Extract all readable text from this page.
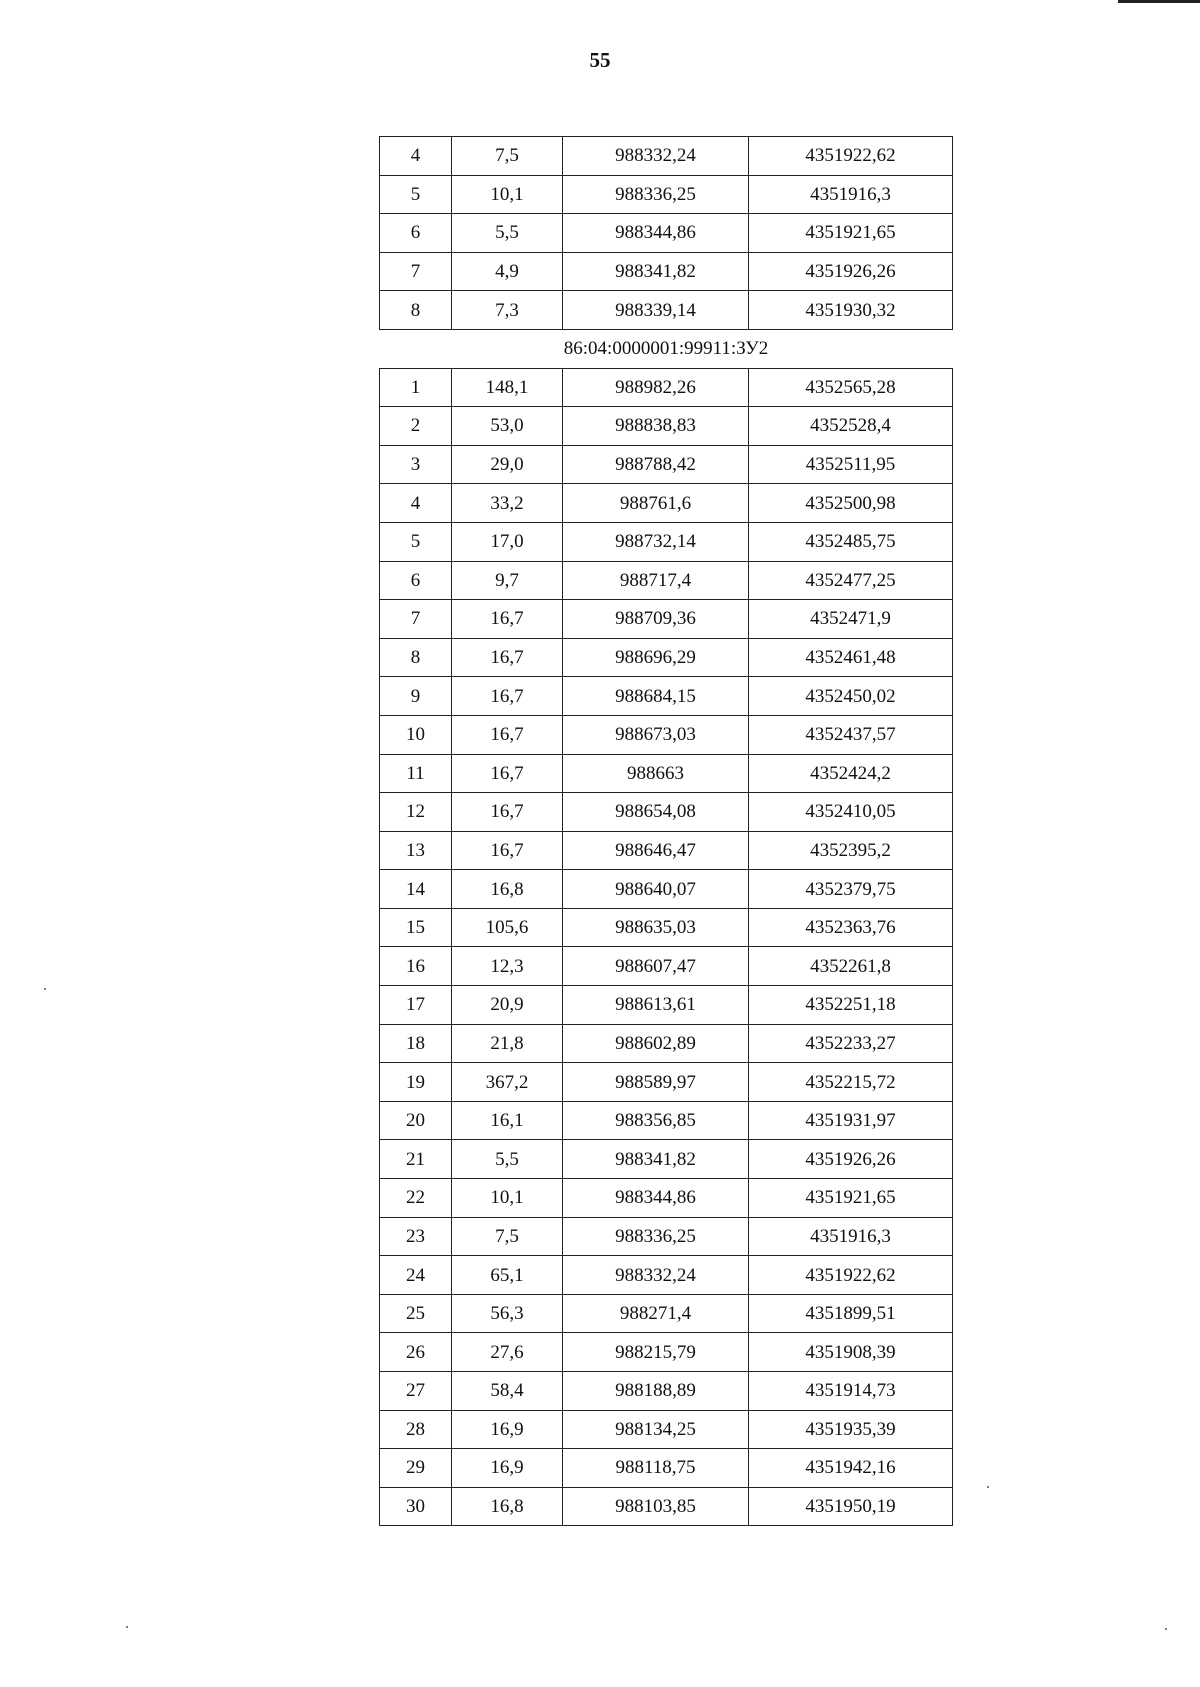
55
4	7,5	988332,24	4351922,62
5	10,1	988336,25	4351916,3
6	5,5	988344,86	4351921,65
7	4,9	988341,82	4351926,26
8	7,3	988339,14	4351930,32
86:04:0000001:99911:ЗУ2			
1	148,1	988982,26	4352565,28
2	53,0	988838,83	4352528,4
3	29,0	988788,42	4352511,95
4	33,2	988761,6	4352500,98
5	17,0	988732,14	4352485,75
6	9,7	988717,4	4352477,25
7	16,7	988709,36	4352471,9
8	16,7	988696,29	4352461,48
9	16,7	988684,15	4352450,02
10	16,7	988673,03	4352437,57
11	16,7	988663	4352424,2
12	16,7	988654,08	4352410,05
13	16,7	988646,47	4352395,2
14	16,8	988640,07	4352379,75
15	105,6	988635,03	4352363,76
16	12,3	988607,47	4352261,8
17	20,9	988613,61	4352251,18
18	21,8	988602,89	4352233,27
19	367,2	988589,97	4352215,72
20	16,1	988356,85	4351931,97
21	5,5	988341,82	4351926,26
22	10,1	988344,86	4351921,65
23	7,5	988336,25	4351916,3
24	65,1	988332,24	4351922,62
25	56,3	988271,4	4351899,51
26	27,6	988215,79	4351908,39
27	58,4	988188,89	4351914,73
28	16,9	988134,25	4351935,39
29	16,9	988118,75	4351942,16
30	16,8	988103,85	4351950,19
